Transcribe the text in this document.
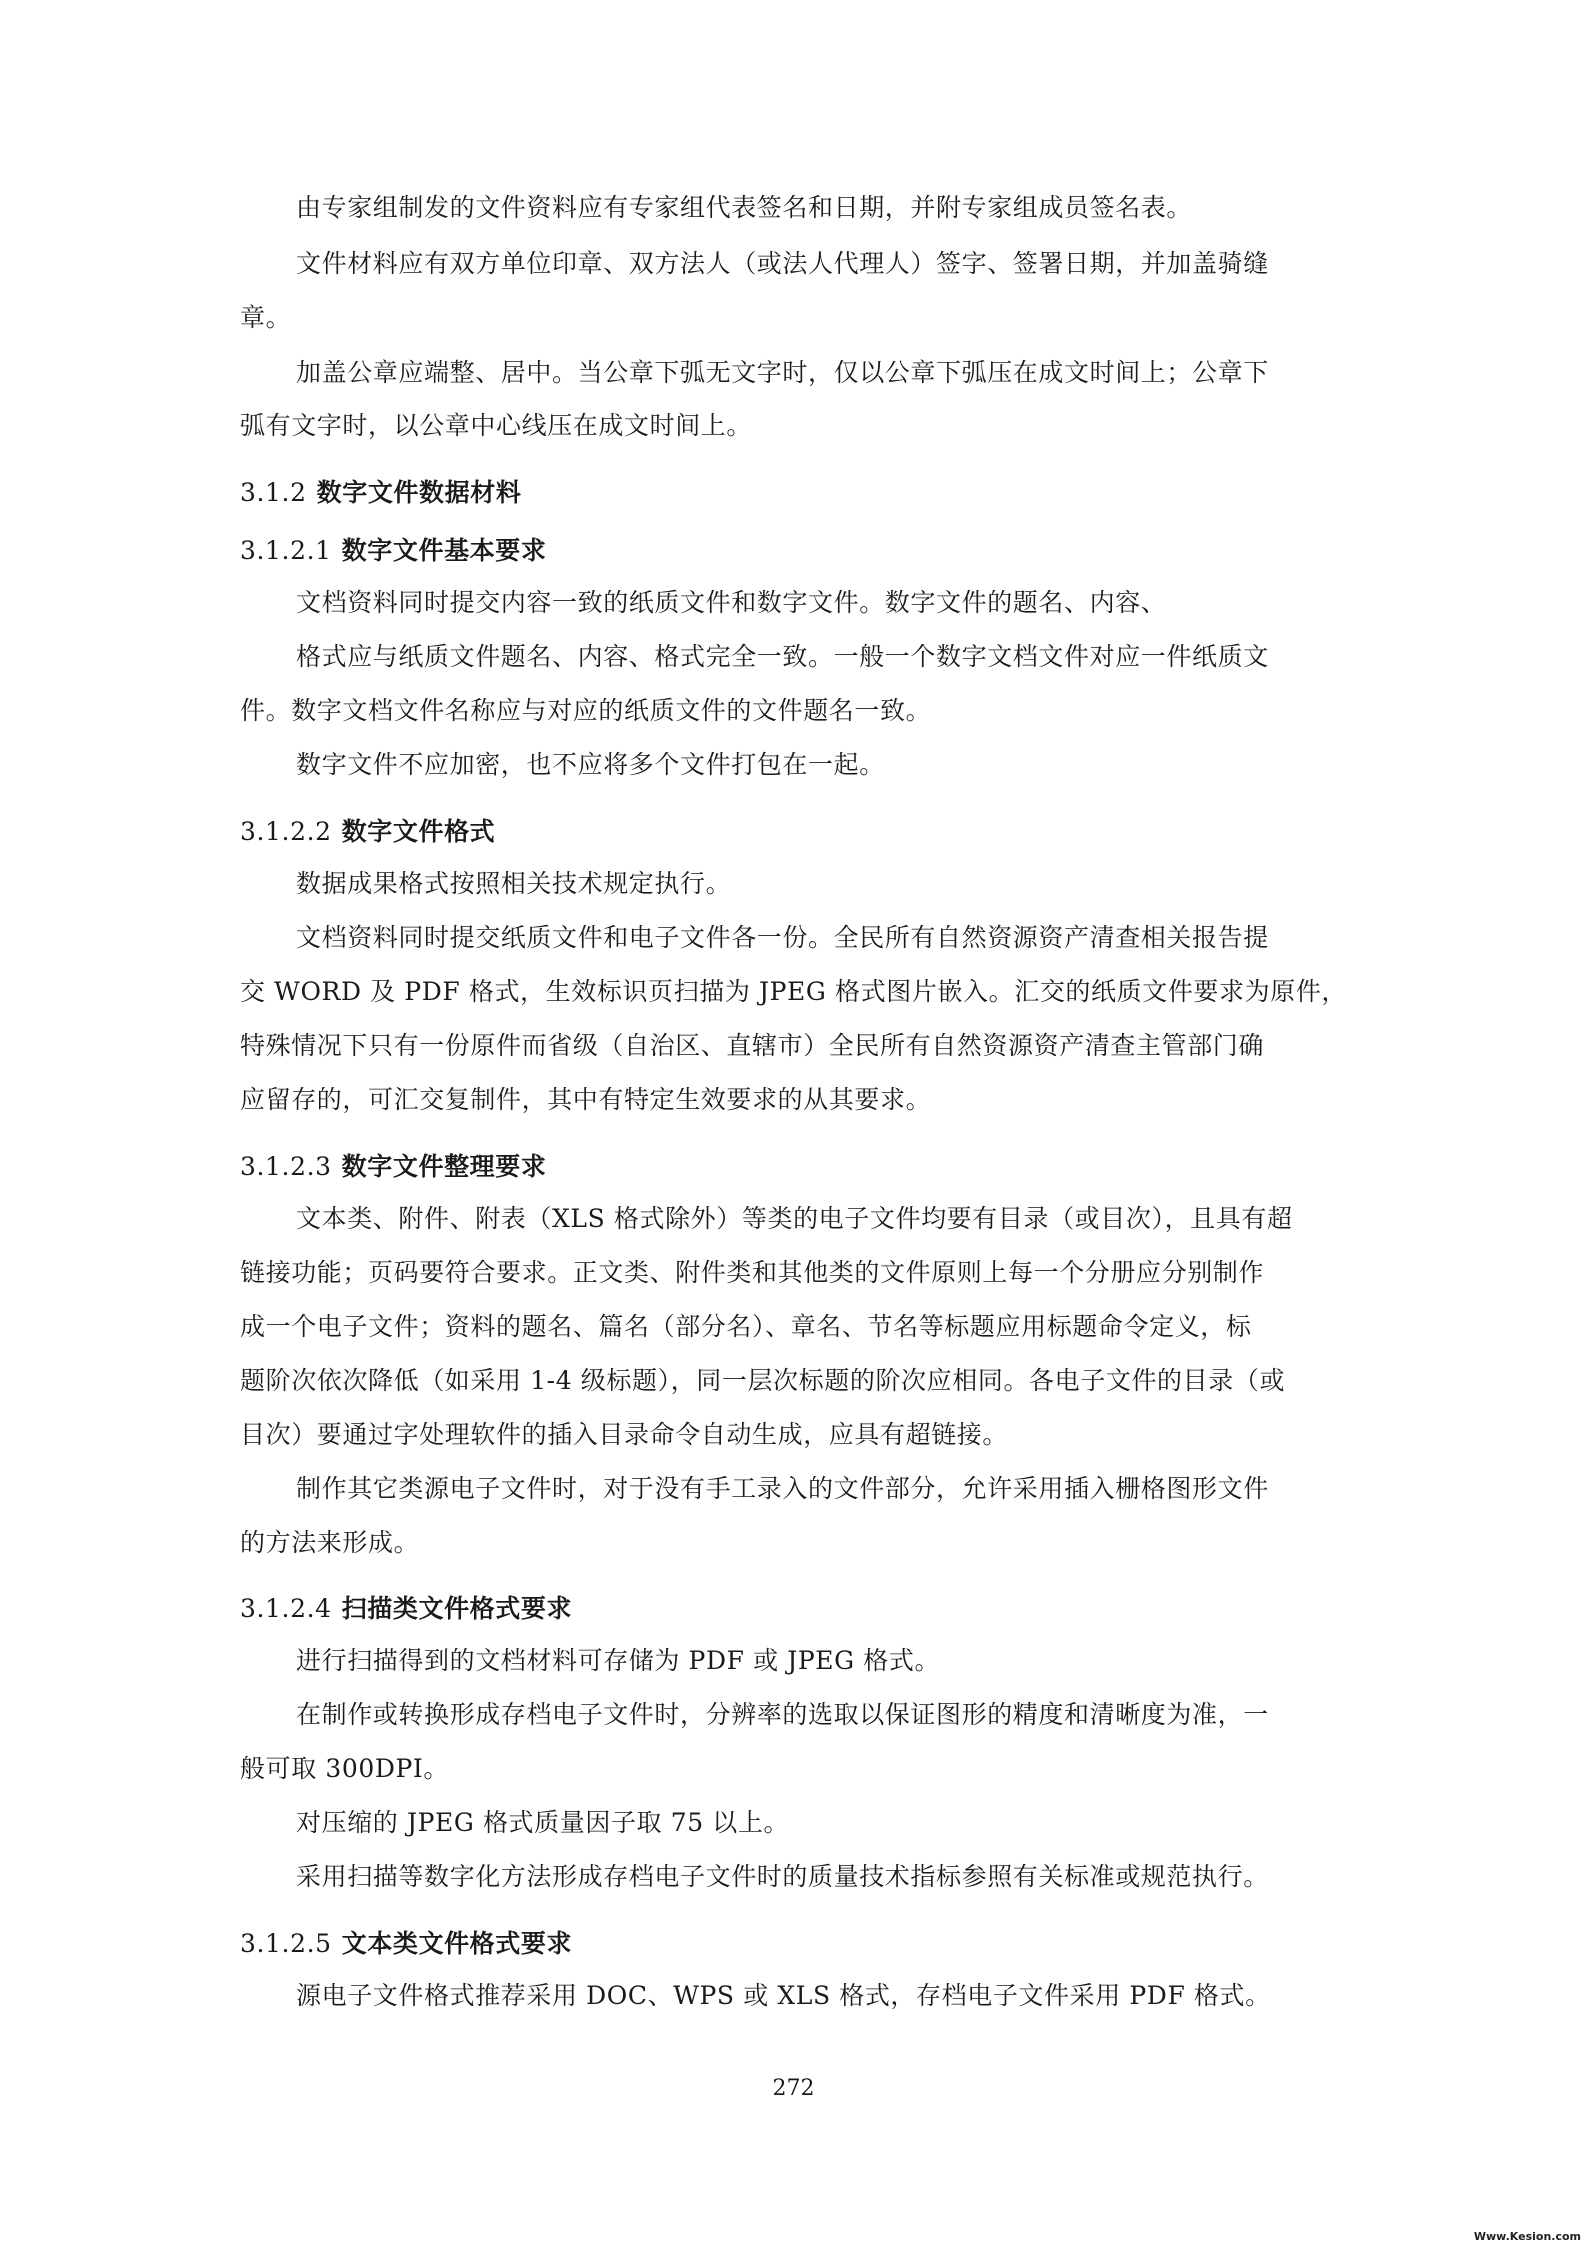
由专家组制发的文件资料应有专家组代表签名和日期，并附专家组成员签名表。
文件材料应有双方单位印章、双方法人（或法人代理人）签字、签署日期，并加盖骑缝
章。
加盖公章应端整、居中。当公章下弧无文字时，仅以公章下弧压在成文时间上；公章下
弧有文字时，以公章中心线压在成文时间上。
3.1.2 数字文件数据材料
3.1.2.1 数字文件基本要求
文档资料同时提交内容一致的纸质文件和数字文件。数字文件的题名、内容、
格式应与纸质文件题名、内容、格式完全一致。一般一个数字文档文件对应一件纸质文
件。数字文档文件名称应与对应的纸质文件的文件题名一致。
数字文件不应加密，也不应将多个文件打包在一起。
3.1.2.2 数字文件格式
数据成果格式按照相关技术规定执行。
文档资料同时提交纸质文件和电子文件各一份。全民所有自然资源资产清查相关报告提
交 WORD 及 PDF 格式，生效标识页扫描为 JPEG 格式图片嵌入。汇交的纸质文件要求为原件，
特殊情况下只有一份原件而省级（自治区、直辖市）全民所有自然资源资产清查主管部门确
应留存的，可汇交复制件，其中有特定生效要求的从其要求。
3.1.2.3 数字文件整理要求
文本类、附件、附表（XLS 格式除外）等类的电子文件均要有目录（或目次），且具有超
链接功能；页码要符合要求。正文类、附件类和其他类的文件原则上每一个分册应分别制作
成一个电子文件；资料的题名、篇名（部分名）、章名、节名等标题应用标题命令定义，标
题阶次依次降低（如采用 1-4 级标题），同一层次标题的阶次应相同。各电子文件的目录（或
目次）要通过字处理软件的插入目录命令自动生成，应具有超链接。
制作其它类源电子文件时，对于没有手工录入的文件部分，允许采用插入栅格图形文件
的方法来形成。
3.1.2.4 扫描类文件格式要求
进行扫描得到的文档材料可存储为 PDF 或 JPEG 格式。
在制作或转换形成存档电子文件时，分辨率的选取以保证图形的精度和清晰度为准，一
般可取 300DPI。
对压缩的 JPEG 格式质量因子取 75 以上。
采用扫描等数字化方法形成存档电子文件时的质量技术指标参照有关标准或规范执行。
3.1.2.5 文本类文件格式要求
源电子文件格式推荐采用 DOC、WPS 或 XLS 格式，存档电子文件采用 PDF 格式。
272
Www.Kesion.com
